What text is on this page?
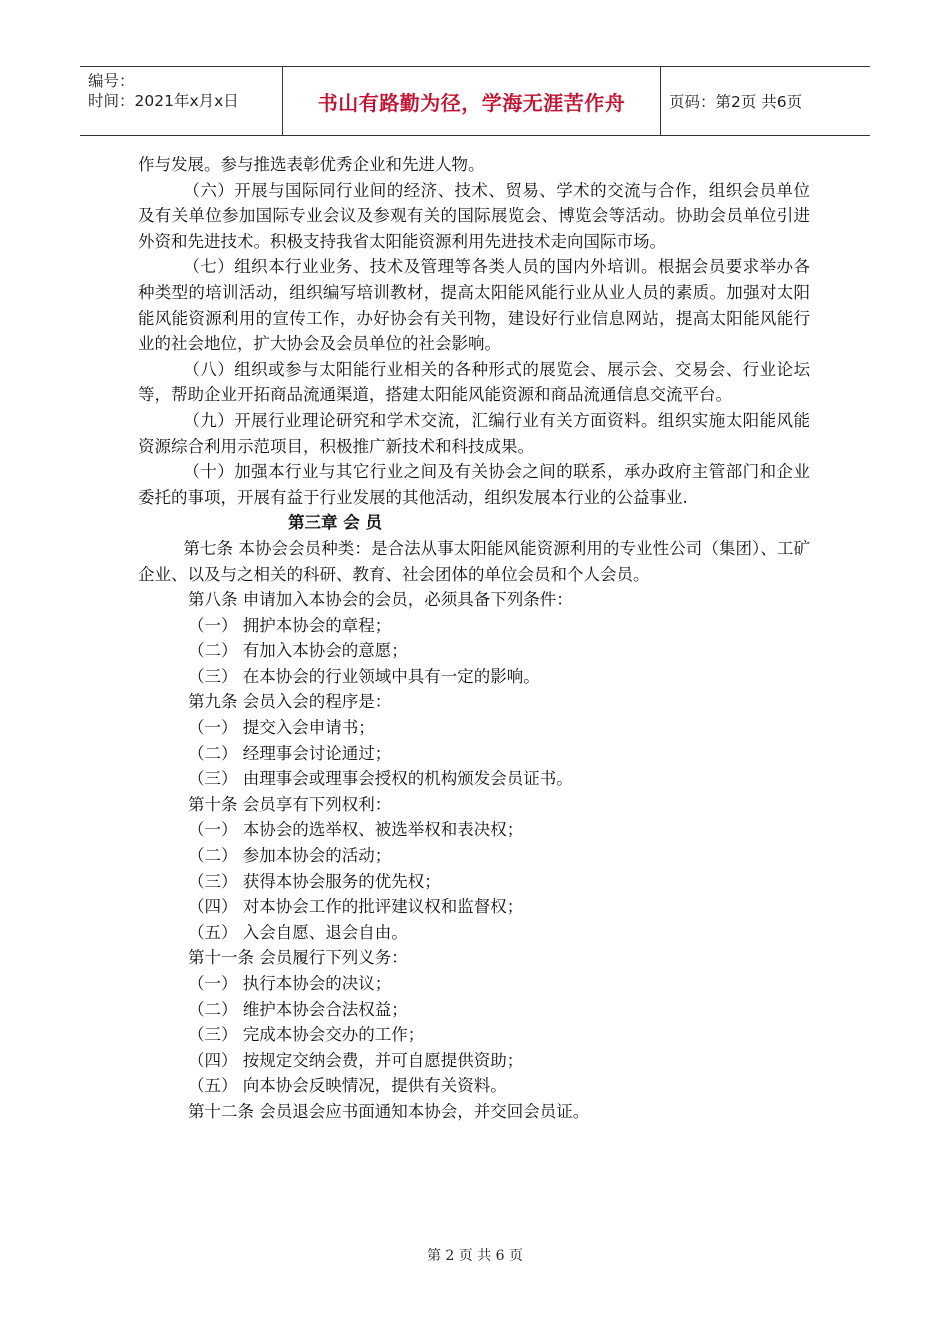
编号：
时间：2021年x月x日	书山有路勤为径，学海无涯苦作舟	页码：第2页 共6页

作与发展。参与推选表彰优秀企业和先进人物。

（六）开展与国际同行业间的经济、技术、贸易、学术的交流与合作，组织会员单位及有关单位参加国际专业会议及参观有关的国际展览会、博览会等活动。协助会员单位引进外资和先进技术。积极支持我省太阳能资源利用先进技术走向国际市场。

（七）组织本行业业务、技术及管理等各类人员的国内外培训。根据会员要求举办各种类型的培训活动，组织编写培训教材，提高太阳能风能行业从业人员的素质。加强对太阳能风能资源利用的宣传工作，办好协会有关刊物，建设好行业信息网站，提高太阳能风能行业的社会地位，扩大协会及会员单位的社会影响。

（八）组织或参与太阳能行业相关的各种形式的展览会、展示会、交易会、行业论坛等，帮助企业开拓商品流通渠道，搭建太阳能风能资源和商品流通信息交流平台。

（九）开展行业理论研究和学术交流，汇编行业有关方面资料。组织实施太阳能风能资源综合利用示范项目，积极推广新技术和科技成果。

（十）加强本行业与其它行业之间及有关协会之间的联系，承办政府主管部门和企业委托的事项，开展有益于行业发展的其他活动，组织发展本行业的公益事业.

第三章 会 员

第七条 本协会会员种类：是合法从事太阳能风能资源利用的专业性公司（集团）、工矿企业、以及与之相关的科研、教育、社会团体的单位会员和个人会员。

第八条 申请加入本协会的会员，必须具备下列条件：

（一） 拥护本协会的章程；

（二） 有加入本协会的意愿；

（三） 在本协会的行业领域中具有一定的影响。

第九条 会员入会的程序是：

（一） 提交入会申请书；

（二） 经理事会讨论通过；

（三） 由理事会或理事会授权的机构颁发会员证书。

第十条 会员享有下列权利：

（一） 本协会的选举权、被选举权和表决权；

（二） 参加本协会的活动；

（三） 获得本协会服务的优先权；

（四） 对本协会工作的批评建议权和监督权；

（五） 入会自愿、退会自由。

第十一条 会员履行下列义务：

（一） 执行本协会的决议；

（二） 维护本协会合法权益；

（三） 完成本协会交办的工作；

（四） 按规定交纳会费，并可自愿提供资助；

（五） 向本协会反映情况，提供有关资料。

第十二条 会员退会应书面通知本协会，并交回会员证。

第 2 页 共 6 页
